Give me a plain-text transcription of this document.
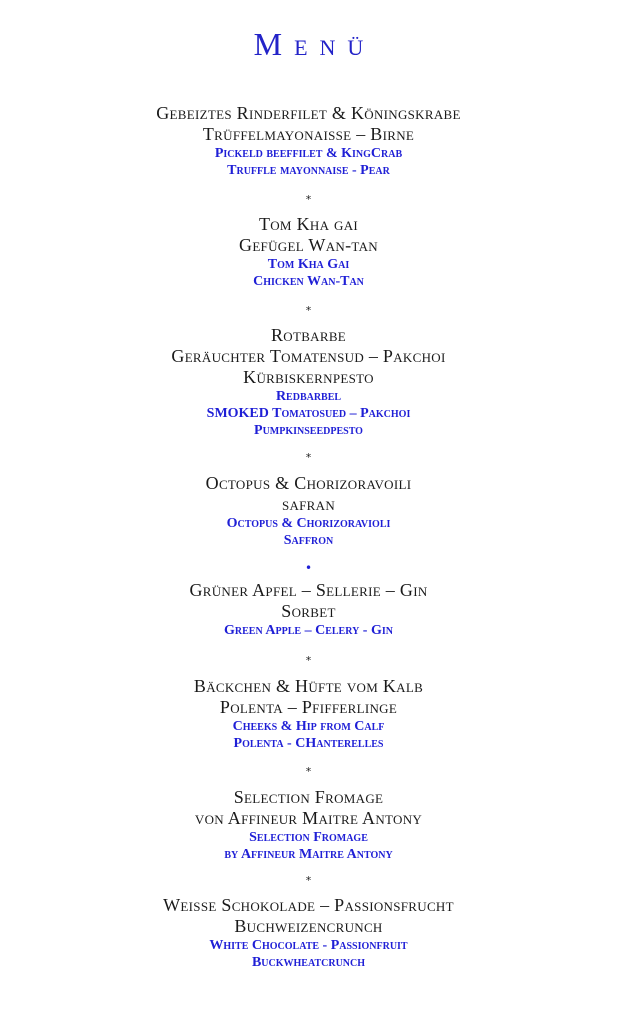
Menü
Gebeiztes Rinderfilet & Köningskrabe
Trüffelmayonaisse – Birne
Pickeld beeffilet & KingCrab
Truffle mayonnaise - Pear
*
Tom Kha gai
Gefügel Wan-tan
Tom Kha Gai
Chicken Wan-Tan
*
Rotbarbe
Geräuchter Tomatensud – Pakchoi
Kürbiskernpesto
Redbarbel
SMOKED Tomatosued – Pakchoi
Pumpkinseedpesto
*
Octopus & Chorizoravoili
safran
Octopus & Chorizoravioli
Saffron
•
Grüner Apfel – Sellerie – Gin
Sorbet
Green Apple – Celery - Gin
*
Bäckchen & Hüfte vom Kalb
Polenta – Pfifferlinge
Cheeks & Hip from Calf
Polenta - CHanterelles
*
Selection Fromage
von Affineur Maitre Antony
Selection Fromage
by Affineur Maitre Antony
*
Weisse Schokolade – Passionsfrucht
Buchweizencrunch
White Chocolate - Passionfruit
Buckwheatcrunch
